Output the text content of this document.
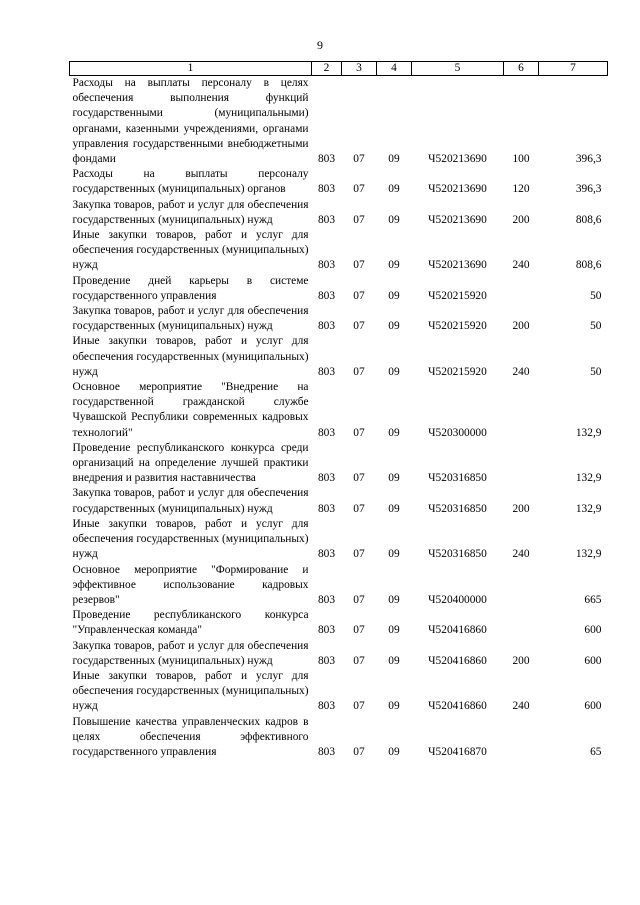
9
1	2	3	4	5	6	7
Расходы на выплаты персоналу в целях обеспечения выполнения функций государственными (муниципальными) органами, казенными учреждениями, органами управления государственными внебюджетными фондами	803	07	09	Ч520213690	100	396,3
Расходы на выплаты персоналу государственных (муниципальных) органов	803	07	09	Ч520213690	120	396,3
Закупка товаров, работ и услуг для обеспечения государственных (муниципальных) нужд	803	07	09	Ч520213690	200	808,6
Иные закупки товаров, работ и услуг для обеспечения государственных (муниципальных) нужд	803	07	09	Ч520213690	240	808,6
Проведение дней карьеры в системе государственного управления	803	07	09	Ч520215920		50
Закупка товаров, работ и услуг для обеспечения государственных (муниципальных) нужд	803	07	09	Ч520215920	200	50
Иные закупки товаров, работ и услуг для обеспечения государственных (муниципальных) нужд	803	07	09	Ч520215920	240	50
Основное мероприятие "Внедрение на государственной гражданской службе Чувашской Республики современных кадровых технологий"	803	07	09	Ч520300000		132,9
Проведение республиканского конкурса среди организаций на определение лучшей практики внедрения и развития наставничества	803	07	09	Ч520316850		132,9
Закупка товаров, работ и услуг для обеспечения государственных (муниципальных) нужд	803	07	09	Ч520316850	200	132,9
Иные закупки товаров, работ и услуг для обеспечения государственных (муниципальных) нужд	803	07	09	Ч520316850	240	132,9
Основное мероприятие "Формирование и эффективное использование кадровых резервов"	803	07	09	Ч520400000		665
Проведение республиканского конкурса "Управленческая команда"	803	07	09	Ч520416860		600
Закупка товаров, работ и услуг для обеспечения государственных (муниципальных) нужд	803	07	09	Ч520416860	200	600
Иные закупки товаров, работ и услуг для обеспечения государственных (муниципальных) нужд	803	07	09	Ч520416860	240	600
Повышение качества управленческих кадров в целях обеспечения эффективного государственного управления	803	07	09	Ч520416870		65
